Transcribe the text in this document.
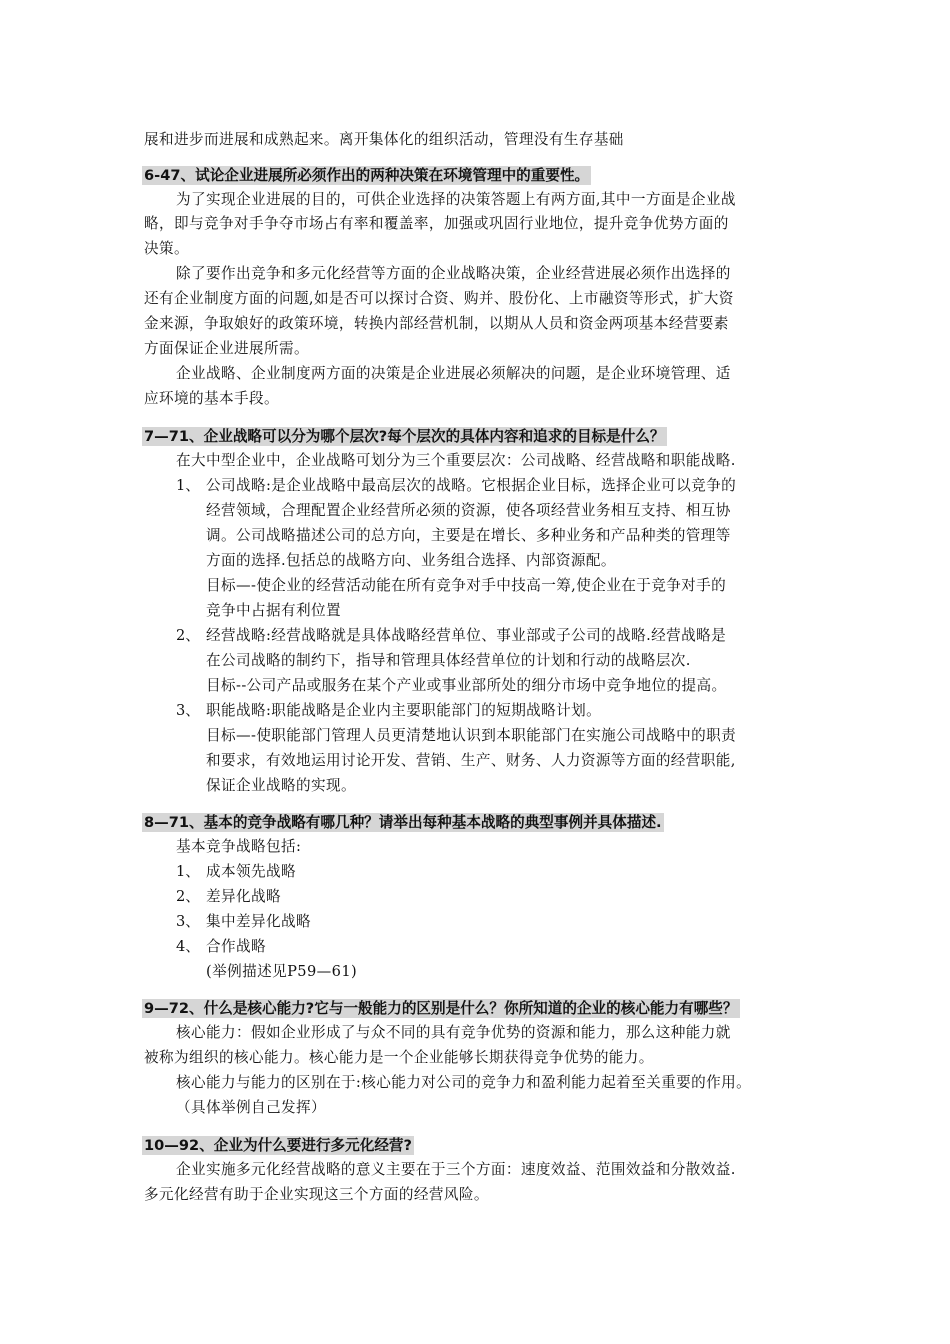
展和进步而进展和成熟起来。离开集体化的组织活动，管理没有生存基础
6-47、试论企业进展所必须作出的两种决策在环境管理中的重要性。
为了实现企业进展的目的，可供企业选择的决策答题上有两方面,其中一方面是企业战
略，即与竞争对手争夺市场占有率和覆盖率，加强或巩固行业地位，提升竞争优势方面的
决策。
除了要作出竞争和多元化经营等方面的企业战略决策，企业经营进展必须作出选择的
还有企业制度方面的问题,如是否可以探讨合资、购并、股份化、上市融资等形式，扩大资
金来源，争取娘好的政策环境，转换内部经营机制，以期从人员和资金两项基本经营要素
方面保证企业进展所需。
企业战略、企业制度两方面的决策是企业进展必须解决的问题，是企业环境管理、适
应环境的基本手段。
7—71、企业战略可以分为哪个层次?每个层次的具体内容和追求的目标是什么？
在大中型企业中，企业战略可划分为三个重要层次：公司战略、经营战略和职能战略.
1、 公司战略:是企业战略中最高层次的战略。它根据企业目标，选择企业可以竞争的
经营领域，合理配置企业经营所必须的资源，使各项经营业务相互支持、相互协
调。公司战略描述公司的总方向，主要是在增长、多种业务和产品种类的管理等
方面的选择.包括总的战略方向、业务组合选择、内部资源配。
目标—-使企业的经营活动能在所有竞争对手中技高一筹,使企业在于竞争对手的
竞争中占据有利位置
2、 经营战略:经营战略就是具体战略经营单位、事业部或子公司的战略.经营战略是
在公司战略的制约下，指导和管理具体经营单位的计划和行动的战略层次.
目标--公司产品或服务在某个产业或事业部所处的细分市场中竞争地位的提高。
3、 职能战略:职能战略是企业内主要职能部门的短期战略计划。
目标—-使职能部门管理人员更清楚地认识到本职能部门在实施公司战略中的职责
和要求，有效地运用讨论开发、营销、生产、财务、人力资源等方面的经营职能,
保证企业战略的实现。
8—71、基本的竞争战略有哪几种？请举出每种基本战略的典型事例并具体描述.
基本竞争战略包括:
1、 成本领先战略
2、 差异化战略
3、 集中差异化战略
4、 合作战略
(举例描述见P59—61)
9—72、什么是核心能力?它与一般能力的区别是什么？你所知道的企业的核心能力有哪些？
核心能力：假如企业形成了与众不同的具有竞争优势的资源和能力，那么这种能力就
被称为组织的核心能力。核心能力是一个企业能够长期获得竞争优势的能力。
核心能力与能力的区别在于:核心能力对公司的竞争力和盈利能力起着至关重要的作用。
（具体举例自己发挥）
10—92、企业为什么要进行多元化经营?
企业实施多元化经营战略的意义主要在于三个方面：速度效益、范围效益和分散效益.
多元化经营有助于企业实现这三个方面的经营风险。
